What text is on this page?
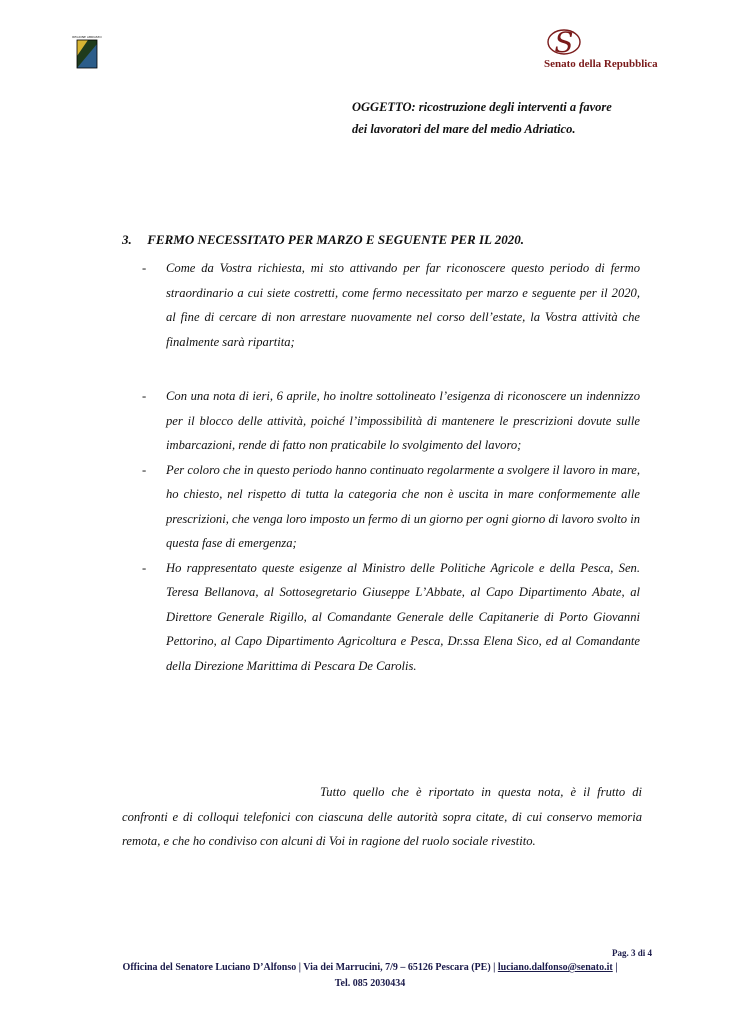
REGIONE ABRUZZO	S
Senato della Repubblica
OGGETTO: ricostruzione degli interventi a favore
dei lavoratori del mare del medio Adriatico.
3. FERMO NECESSITATO PER MARZO E SEGUENTE PER IL 2020.
- Come da Vostra richiesta, mi sto attivando per far riconoscere questo periodo di fermo straordinario a cui siete costretti, come fermo necessitato per marzo e seguente per il 2020, al fine di cercare di non arrestare nuovamente nel corso dell’estate, la Vostra attività che finalmente sarà ripartita;
- Con una nota di ieri, 6 aprile, ho inoltre sottolineato l’esigenza di riconoscere un indennizzo per il blocco delle attività, poiché l’impossibilità di mantenere le prescrizioni dovute sulle imbarcazioni, rende di fatto non praticabile lo svolgimento del lavoro;
- Per coloro che in questo periodo hanno continuato regolarmente a svolgere il lavoro in mare, ho chiesto, nel rispetto di tutta la categoria che non è uscita in mare conformemente alle prescrizioni, che venga loro imposto un fermo di un giorno per ogni giorno di lavoro svolto in questa fase di emergenza;
- Ho rappresentato queste esigenze al Ministro delle Politiche Agricole e della Pesca, Sen. Teresa Bellanova, al Sottosegretario Giuseppe L’Abbate, al Capo Dipartimento Abate, al Direttore Generale Rigillo, al Comandante Generale delle Capitanerie di Porto Giovanni Pettorino, al Capo Dipartimento Agricoltura e Pesca, Dr.ssa Elena Sico, ed al Comandante della Direzione Marittima di Pescara De Carolis.
Tutto quello che è riportato in questa nota, è il frutto di confronti e di colloqui telefonici con ciascuna delle autorità sopra citate, di cui conservo memoria remota, e che ho condiviso con alcuni di Voi in ragione del ruolo sociale rivestito.
Pag. 3 di 4
Officina del Senatore Luciano D’Alfonso | Via dei Marrucini, 7/9 – 65126 Pescara (PE) | luciano.dalfonso@senato.it |
Tel. 085 2030434
